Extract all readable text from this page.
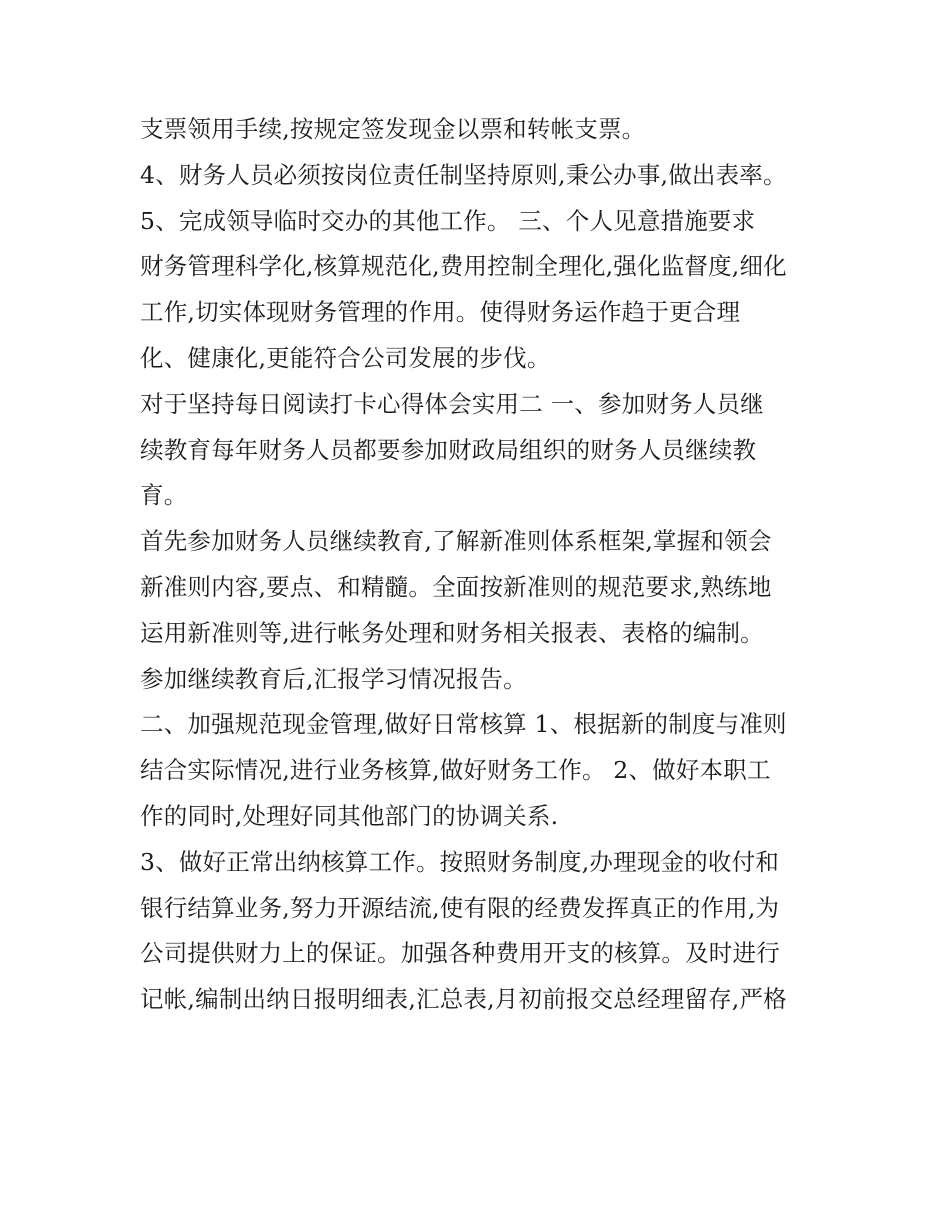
支票领用手续,按规定签发现金以票和转帐支票。
4、财务人员必须按岗位责任制坚持原则,秉公办事,做出表率。
5、完成领导临时交办的其他工作。 三、个人见意措施要求
财务管理科学化,核算规范化,费用控制全理化,强化监督度,细化
工作,切实体现财务管理的作用。使得财务运作趋于更合理
化、健康化,更能符合公司发展的步伐。
对于坚持每日阅读打卡心得体会实用二 一、参加财务人员继
续教育每年财务人员都要参加财政局组织的财务人员继续教
育。
首先参加财务人员继续教育,了解新准则体系框架,掌握和领会
新准则内容,要点、和精髓。全面按新准则的规范要求,熟练地
运用新准则等,进行帐务处理和财务相关报表、表格的编制。
参加继续教育后,汇报学习情况报告。
二、加强规范现金管理,做好日常核算 1、根据新的制度与准则
结合实际情况,进行业务核算,做好财务工作。 2、做好本职工
作的同时,处理好同其他部门的协调关系.
3、做好正常出纳核算工作。按照财务制度,办理现金的收付和
银行结算业务,努力开源结流,使有限的经费发挥真正的作用,为
公司提供财力上的保证。加强各种费用开支的核算。及时进行
记帐,编制出纳日报明细表,汇总表,月初前报交总经理留存,严格
